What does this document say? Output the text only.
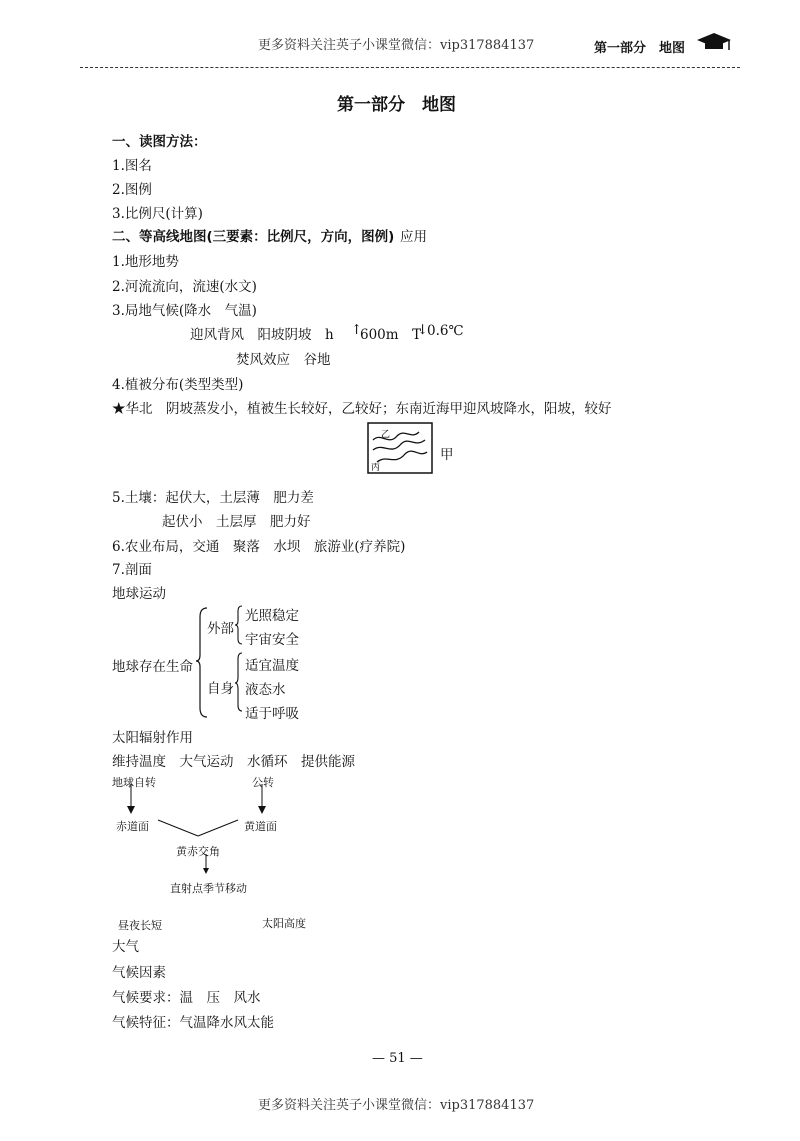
更多资料关注英子小课堂微信：vip317884137	第一部分　地图
第一部分　地图
一、读图方法：
1.图名
2.图例
3.比例尺(计算)
二、等高线地图(三要素：比例尺，方向，图例) 应用
1.地形地势
2.河流流向，流速(水文)
3.局地气候(降水　气温)
迎风背风　阳坡阴坡　h ↑
600m　T
↓
0.6℃
焚风效应　谷地
4.植被分布(类型类型)
★华北　阴坡蒸发小，植被生长较好，乙较好；东南近海甲迎风坡降水，阳坡，较好
乙
丙
甲
5.土壤：起伏大，土层薄　肥力差
起伏小　土层厚　肥力好
6.农业布局，交通　聚落　水坝　旅游业(疗养院)
7.剖面
地球运动
地球存在生命
外部
光照稳定
宇宙安全
自身
适宜温度
液态水
适于呼吸
太阳辐射作用
维持温度　大气运动　水循环　提供能源
地球自转	公转
赤道面	黄道面
黄赤交角
直射点季节移动
昼夜长短	太阳高度
大气
气候因素
气候要求：温　压　风水
气候特征：气温降水风太能
— 51 —
更多资料关注英子小课堂微信：vip317884137
